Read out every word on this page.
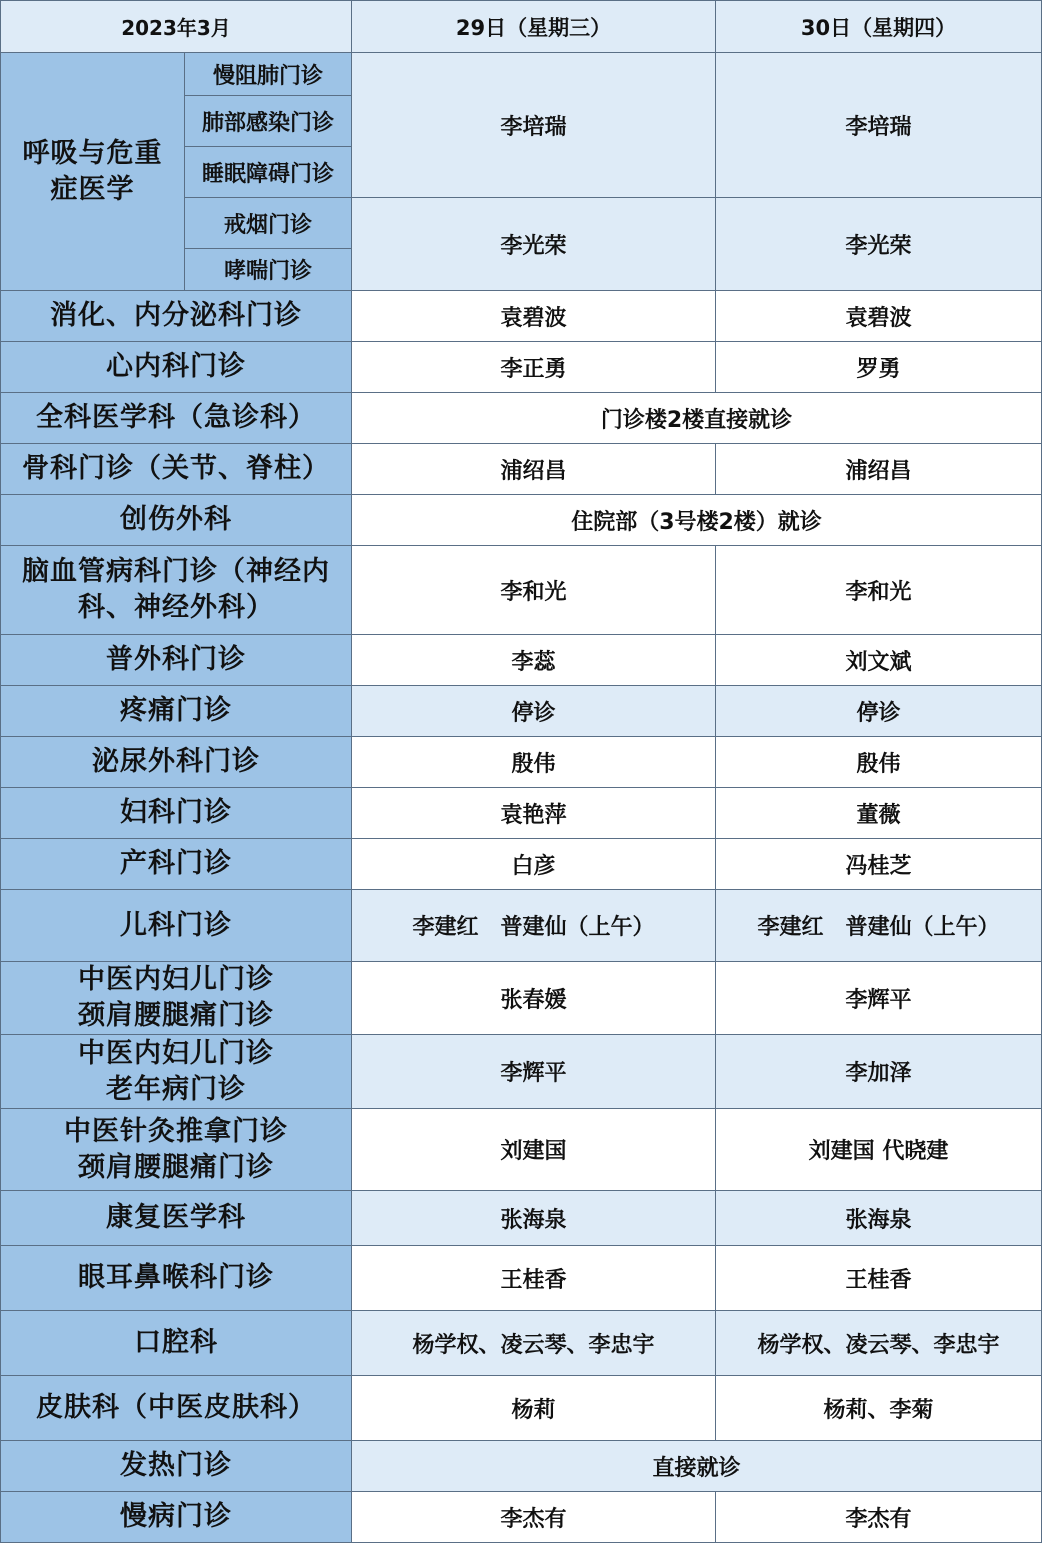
2023年3月		29日（星期三）	30日（星期四）

呼吸与危重症医学	慢阻肺门诊	李培瑞	李培瑞
	肺部感染门诊		
	睡眠障碍门诊		
	戒烟门诊	李光荣	李光荣
	哮喘门诊		
消化、内分泌科门诊		袁碧波	袁碧波
心内科门诊		李正勇	罗勇
全科医学科（急诊科）		门诊楼2楼直接就诊	
骨科门诊（关节、脊柱）		浦绍昌	浦绍昌
创伤外科		住院部（3号楼2楼）就诊	

脑血管病科门诊（神经内科、神经外科）		李和光	李和光
普外科门诊		李蕊	刘文斌
疼痛门诊		停诊	停诊
泌尿外科门诊		殷伟	殷伟
妇科门诊		袁艳萍	董薇
产科门诊		白彦	冯桂芝
儿科门诊		李建红　普建仙（上午）	李建红　普建仙（上午）

中医内妇儿门诊 颈肩腰腿痛门诊		张春媛	李辉平

中医内妇儿门诊 老年病门诊		李辉平	李加泽

中医针灸推拿门诊 颈肩腰腿痛门诊		刘建国	刘建国 代晓建
康复医学科		张海泉	张海泉
眼耳鼻喉科门诊		王桂香	王桂香
口腔科		杨学权、凌云琴、李忠宇	杨学权、凌云琴、李忠宇
皮肤科（中医皮肤科）		杨莉	杨莉、李菊
发热门诊		直接就诊	
慢病门诊		李杰有	李杰有
